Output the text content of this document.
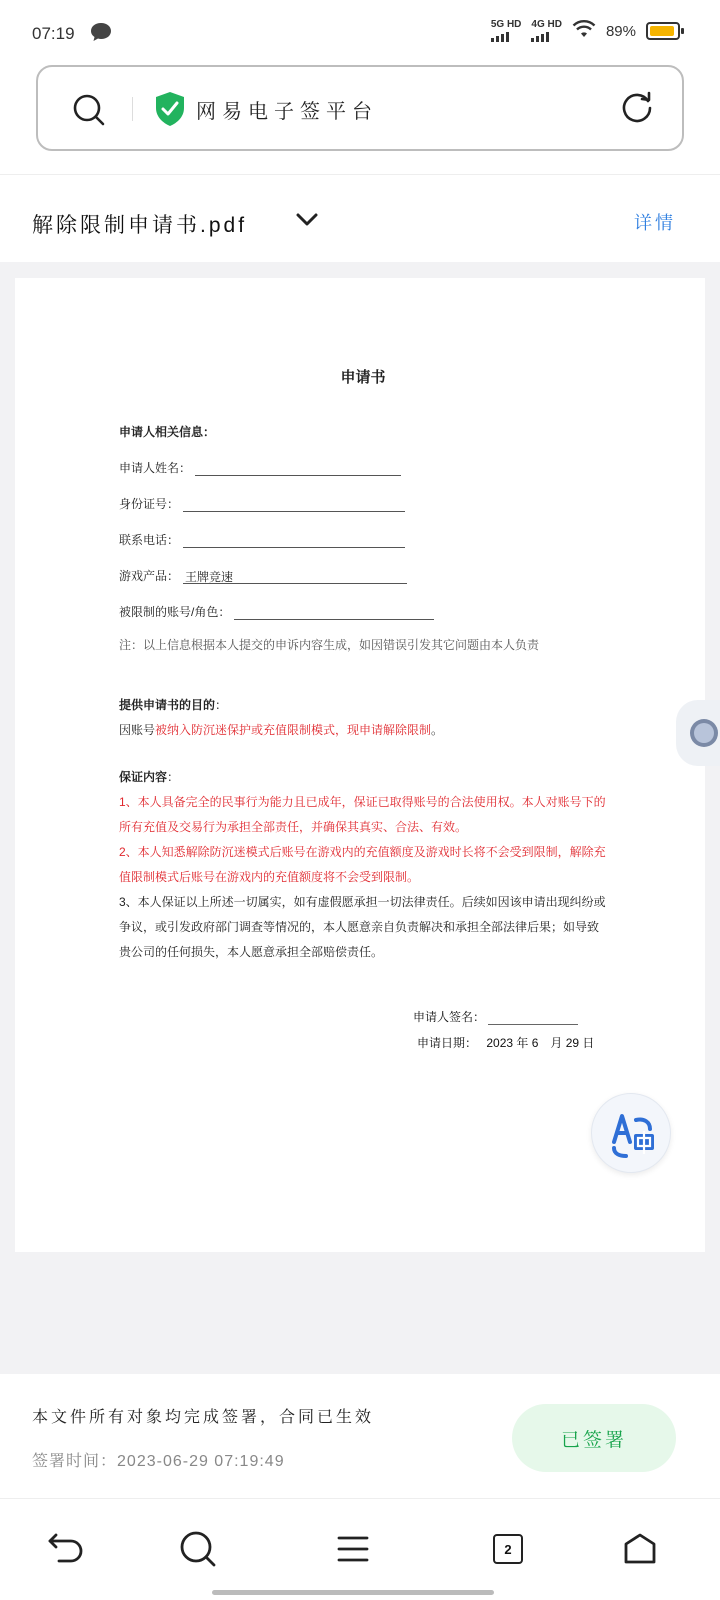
07:19	5G HD 4G HD	89%
网易电子签平台
解除限制申请书.pdf	详情
申请书
申请人相关信息：
申请人姓名：
身份证号：
联系电话：
游戏产品： 王牌竞速
被限制的账号/角色：
注：以上信息根据本人提交的申诉内容生成，如因错误引发其它问题由本人负责
提供申请书的目的：
因账号被纳入防沉迷保护或充值限制模式，现申请解除限制。
保证内容：
1、本人具备完全的民事行为能力且已成年，保证已取得账号的合法使用权。本人对账号下的所有充值及交易行为承担全部责任，并确保其真实、合法、有效。
2、本人知悉解除防沉迷模式后账号在游戏内的充值额度及游戏时长将不会受到限制，解除充值限制模式后账号在游戏内的充值额度将不会受到限制。
3、本人保证以上所述一切属实，如有虚假愿承担一切法律责任。后续如因该申请出现纠纷或争议，或引发政府部门调查等情况的，本人愿意亲自负责解决和承担全部法律后果；如导致贵公司的任何损失，本人愿意承担全部赔偿责任。
申请人签名：
申请日期： 2023 年 6　月 29 日
本文件所有对象均完成签署，合同已生效
签署时间：2023-06-29 07:19:49
已签署
2
